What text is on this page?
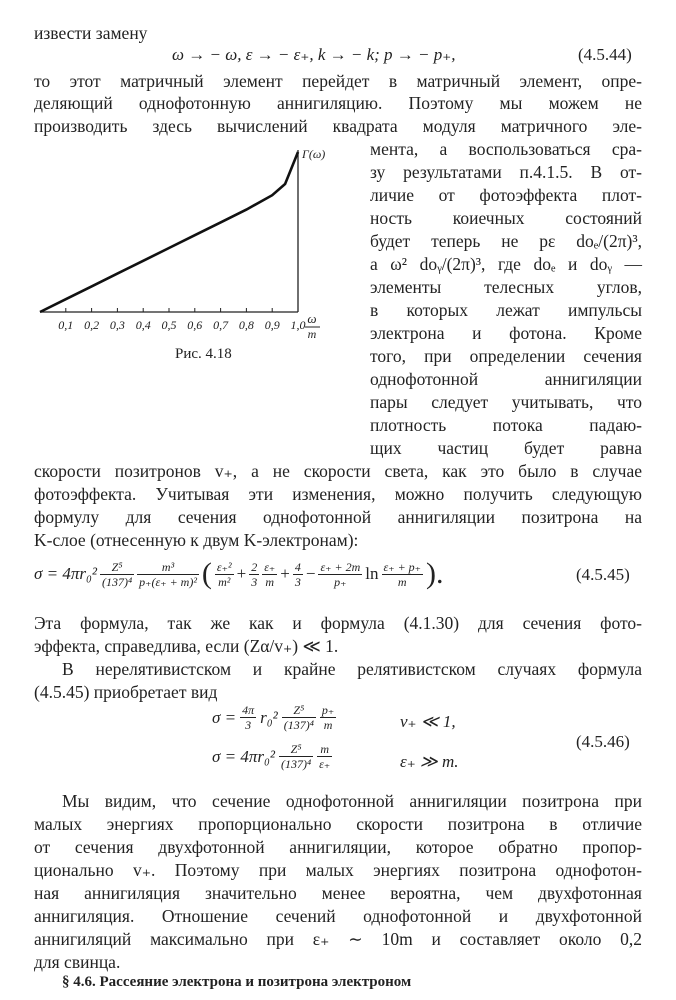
извести замену
ω → − ω, ε → − ε₊, k → − k; p → − p₊,	(4.5.44)
то этот матричный элемент перейдет в матричный элемент, опре-
деляющий однофотонную аннигиляцию. Поэтому мы можем не
производить здесь вычислений квадрата модуля матричного эле-
мента, а воспользоваться сра-
зу результатами п.4.1.5. В от-
личие от фотоэффекта плот-
ность коиечных состояний
будет теперь не pε doₑ/(2π)³,
а ω² doᵧ/(2π)³, где doₑ и doᵧ —
элементы телесных углов,
в которых лежат импульсы
электрона и фотона. Кроме
того, при определении сечения
однофотонной аннигиляции
пары следует учитывать, что
плотность потока падаю-
щих частиц будет равна
Г(ω)
0,1 0,2 0,3 0,4 0,5 0,6 0,7 0,8 0,9 1,0 ω
m
Рис. 4.18
скорости позитронов v₊, а не скорости света, как это было в случае
фотоэффекта. Учитывая эти изменения, можно получить следующую
формулу для сечения однофотонной аннигиляции позитрона на
K-слое (отнесенную к двум K-электронам):
$\sigma = 4\pi r_0^2 \frac{\text{Z⁵}}{\text{(137)⁴}} \frac{\text{m³}}{\text{p₊(ε₊ + m)²}}$ ( $\frac{\text{ε₊²}}{\text{m²}} + \frac{2}{3} \frac{\varepsilon_+}{m} + \frac{4}{3} - \frac{\varepsilon_+ + 2m}{p_+}$ $\ln \frac{\varepsilon_+ + p_+}{m}$ ).	(4.5.45)
Эта формула, так же как и формула (4.1.30) для сечения фото-
эффекта, справедлива, если (Zα/v₊) ≪ 1.
В нерелятивистском и крайне релятивистском случаях формула
(4.5.45) приобретает вид
$\sigma = \frac{4\pi}{3} r_0^2 \frac{\text{Z⁵}}{\text{(137)⁴}} \frac{p_+}{m}$	v₊ ≪ 1,
$\sigma = 4\pi r_0^2 \frac{\text{Z⁵}}{\text{(137)⁴}} \frac{m}{\varepsilon_+}$	ε₊ ≫ m.
(4.5.46)
Мы видим, что сечение однофотонной аннигиляции позитрона при
малых энергиях пропорционально скорости позитрона в отличие
от сечения двухфотонной аннигиляции, которое обратно пропор-
ционально v₊. Поэтому при малых энергиях позитрона однофотон-
ная аннигиляция значительно менее вероятна, чем двухфотонная
аннигиляция. Отношение сечений однофотонной и двухфотонной
аннигиляций максимально при ε₊ ∼ 10m и составляет около 0,2
для свинца.
§ 4.6. Рассеяние электрона и позитрона электроном
